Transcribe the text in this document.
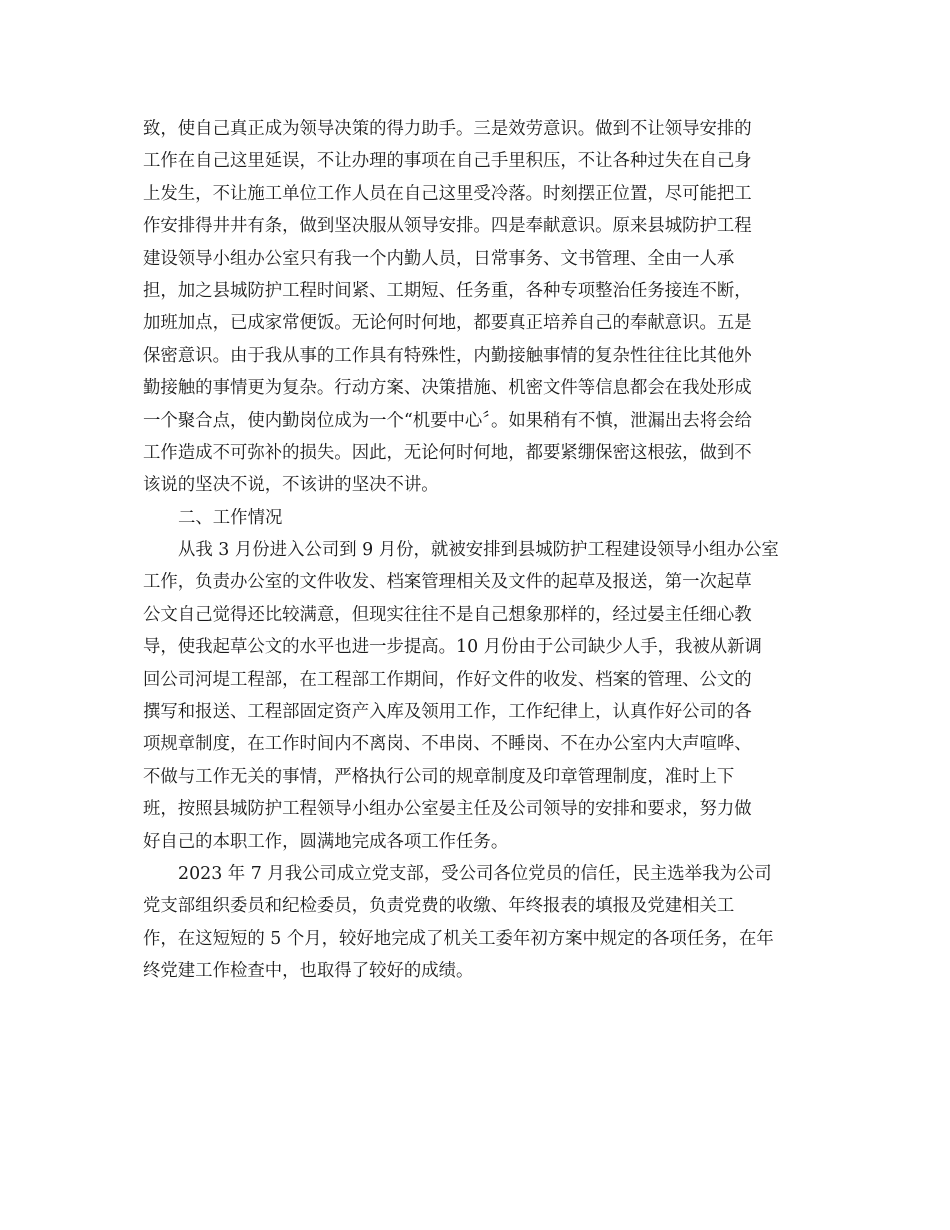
致，使自己真正成为领导决策的得力助手。三是效劳意识。做到不让领导安排的
工作在自己这里延误，不让办理的事项在自己手里积压，不让各种过失在自己身
上发生，不让施工单位工作人员在自己这里受冷落。时刻摆正位置，尽可能把工
作安排得井井有条，做到坚决服从领导安排。四是奉献意识。原来县城防护工程
建设领导小组办公室只有我一个内勤人员，日常事务、文书管理、全由一人承
担，加之县城防护工程时间紧、工期短、任务重，各种专项整治任务接连不断，
加班加点，已成家常便饭。无论何时何地，都要真正培养自己的奉献意识。五是
保密意识。由于我从事的工作具有特殊性，内勤接触事情的复杂性往往比其他外
勤接触的事情更为复杂。行动方案、决策措施、机密文件等信息都会在我处形成
一个聚合点，使内勤岗位成为一个“机要中心〞。如果稍有不慎，泄漏出去将会给
工作造成不可弥补的损失。因此，无论何时何地，都要紧绷保密这根弦，做到不
该说的坚决不说，不该讲的坚决不讲。
二、工作情况
从我 3 月份进入公司到 9 月份，就被安排到县城防护工程建设领导小组办公室
工作，负责办公室的文件收发、档案管理相关及文件的起草及报送，第一次起草
公文自己觉得还比较满意，但现实往往不是自己想象那样的，经过晏主任细心教
导，使我起草公文的水平也进一步提高。10 月份由于公司缺少人手，我被从新调
回公司河堤工程部，在工程部工作期间，作好文件的收发、档案的管理、公文的
撰写和报送、工程部固定资产入库及领用工作，工作纪律上，认真作好公司的各
项规章制度，在工作时间内不离岗、不串岗、不睡岗、不在办公室内大声喧哗、
不做与工作无关的事情，严格执行公司的规章制度及印章管理制度，准时上下
班，按照县城防护工程领导小组办公室晏主任及公司领导的安排和要求，努力做
好自己的本职工作，圆满地完成各项工作任务。
2023 年 7 月我公司成立党支部，受公司各位党员的信任，民主选举我为公司
党支部组织委员和纪检委员，负责党费的收缴、年终报表的填报及党建相关工
作，在这短短的 5 个月，较好地完成了机关工委年初方案中规定的各项任务，在年
终党建工作检查中，也取得了较好的成绩。
